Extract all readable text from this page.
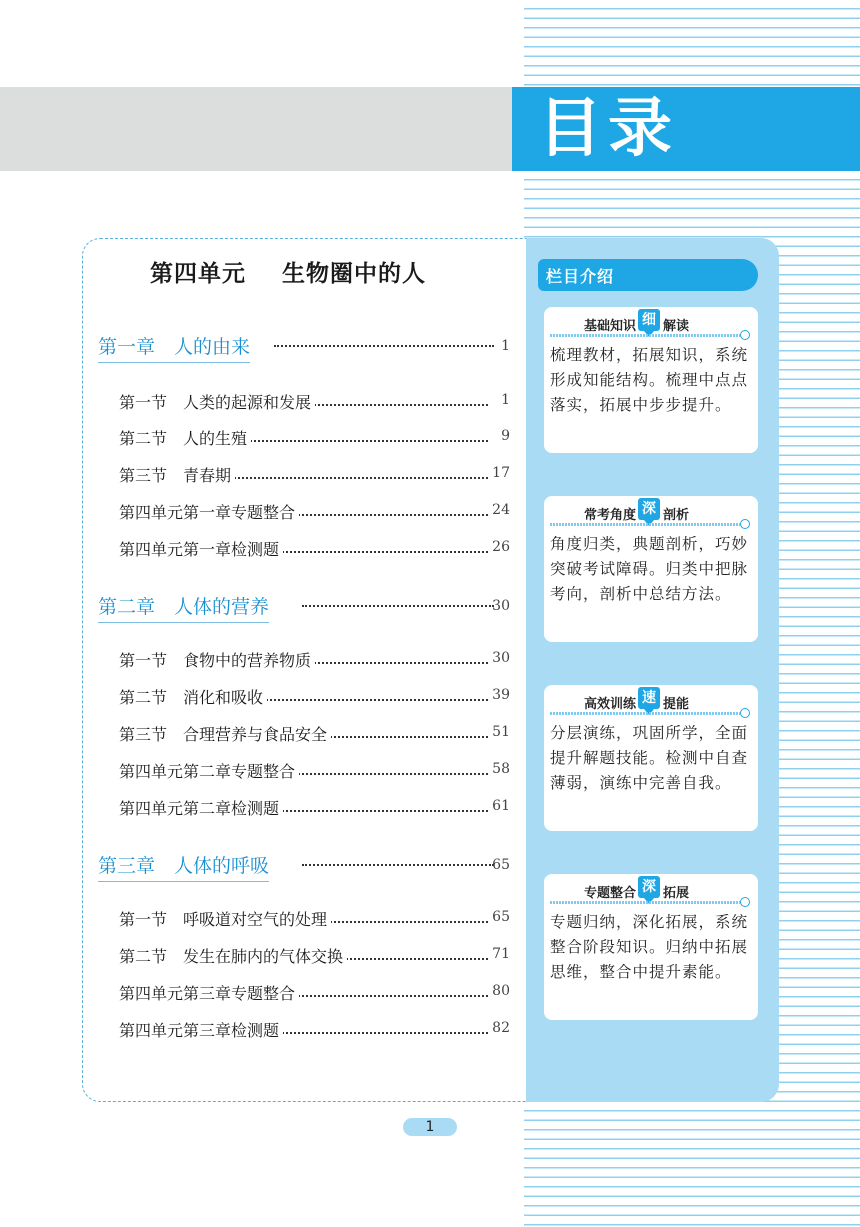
目录
第四单元    生物圈中的人
第一章　人的由来	1
第一节　人类的起源和发展	1
第二节　人的生殖	9
第三节　青春期	17
第四单元第一章专题整合	24
第四单元第一章检测题	26
第二章　人体的营养	30
第一节　食物中的营养物质	30
第二节　消化和吸收	39
第三节　合理营养与食品安全	51
第四单元第二章专题整合	58
第四单元第二章检测题	61
第三章　人体的呼吸	65
第一节　呼吸道对空气的处理	65
第二节　发生在肺内的气体交换	71
第四单元第三章专题整合	80
第四单元第三章检测题	82
栏目介绍
基础知识 细 解读
梳理教材，拓展知识，系统形成知能结构。梳理中点点落实，拓展中步步提升。
常考角度 深 剖析
角度归类，典题剖析，巧妙突破考试障碍。归类中把脉考向，剖析中总结方法。
高效训练 速 提能
分层演练，巩固所学，全面提升解题技能。检测中自查薄弱，演练中完善自我。
专题整合 深 拓展
专题归纳，深化拓展，系统整合阶段知识。归纳中拓展思维，整合中提升素能。
1
